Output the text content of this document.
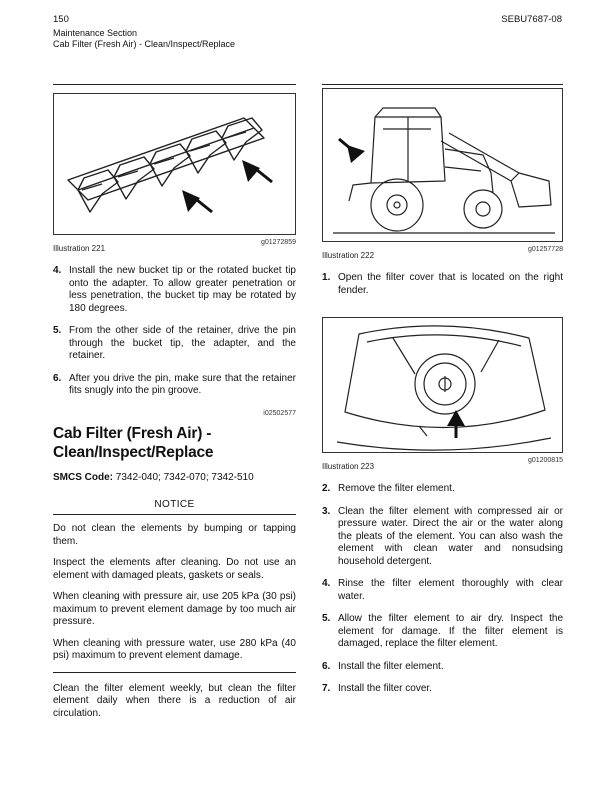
150
Maintenance Section
Cab Filter (Fresh Air) - Clean/Inspect/Replace
SEBU7687-08
g01272859
Illustration 221
4. Install the new bucket tip or the rotated bucket tip onto the adapter. To allow greater penetration or less penetration, the bucket tip may be rotated by 180 degrees.
5. From the other side of the retainer, drive the pin through the bucket tip, the adapter, and the retainer.
6. After you drive the pin, make sure that the retainer fits snugly into the pin groove.
i02502577
Cab Filter (Fresh Air) - Clean/Inspect/Replace

SMCS Code: 7342-040; 7342-070; 7342-510

NOTICE

Do not clean the elements by bumping or tapping them.

Inspect the elements after cleaning. Do not use an element with damaged pleats, gaskets or seals.

When cleaning with pressure air, use 205 kPa (30 psi) maximum to prevent element damage by too much air pressure.

When cleaning with pressure water, use 280 kPa (40 psi) maximum to prevent element damage.

Clean the filter element weekly, but clean the filter element daily when there is a reduction of air circulation.

g01257728
Illustration 222
1. Open the filter cover that is located on the right fender.
g01200815
Illustration 223
2. Remove the filter element.
3. Clean the filter element with compressed air or pressure water. Direct the air or the water along the pleats of the element. You can also wash the element with clean water and nonsudsing household detergent.
4. Rinse the filter element thoroughly with clear water.
5. Allow the filter element to air dry. Inspect the element for damage. If the filter element is damaged, replace the filter element.
6. Install the filter element.
7. Install the filter cover.
